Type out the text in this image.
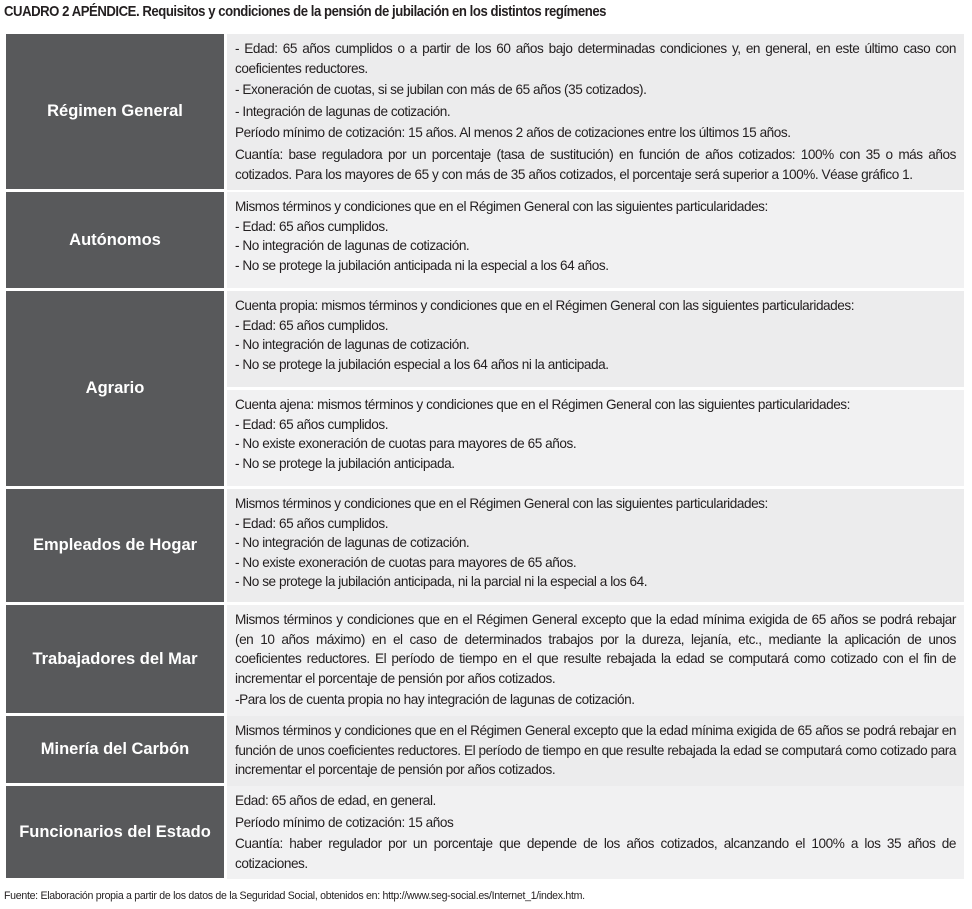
CUADRO 2 APÉNDICE. Requisitos y condiciones de la pensión de jubilación en los distintos regímenes
Régimen General
- Edad: 65 años cumplidos o a partir de los 60 años bajo determinadas condiciones y, en general, en este último caso con coeficientes reductores.
- Exoneración de cuotas, si se jubilan con más de 65 años (35 cotizados).
- Integración de lagunas de cotización.
Período mínimo de cotización: 15 años. Al menos 2 años de cotizaciones entre los últimos 15 años.
Cuantía: base reguladora por un porcentaje (tasa de sustitución) en función de años cotizados: 100% con 35 o más años cotizados. Para los mayores de 65 y con más de 35 años cotizados, el porcentaje será superior a 100%. Véase gráfico 1.
Autónomos
Mismos términos y condiciones que en el Régimen General con las siguientes particularidades:
- Edad: 65 años cumplidos.
- No integración de lagunas de cotización.
- No se protege la jubilación anticipada ni la especial a los 64 años.
Agrario
Cuenta propia: mismos términos y condiciones que en el Régimen General con las siguientes particularidades:
- Edad: 65 años cumplidos.
- No integración de lagunas de cotización.
- No se protege la jubilación especial a los 64 años ni la anticipada.
Cuenta ajena: mismos términos y condiciones que en el Régimen General con las siguientes particularidades:
- Edad: 65 años cumplidos.
- No existe exoneración de cuotas para mayores de 65 años.
- No se protege la jubilación anticipada.
Empleados de Hogar
Mismos términos y condiciones que en el Régimen General con las siguientes particularidades:
- Edad: 65 años cumplidos.
- No integración de lagunas de cotización.
- No existe exoneración de cuotas para mayores de 65 años.
- No se protege la jubilación anticipada, ni la parcial ni la especial a los 64.
Trabajadores del Mar
Mismos términos y condiciones que en el Régimen General excepto que la edad mínima exigida de 65 años se podrá rebajar (en 10 años máximo) en el caso de determinados trabajos por la dureza, lejanía, etc., mediante la aplicación de unos coeficientes reductores. El período de tiempo en el que resulte rebajada la edad se computará como cotizado con el fin de incrementar el porcentaje de pensión por años cotizados.
-Para los de cuenta propia no hay integración de lagunas de cotización.
Minería del Carbón
Mismos términos y condiciones que en el Régimen General excepto que la edad mínima exigida de 65 años se podrá rebajar en función de unos coeficientes reductores. El período de tiempo en que resulte rebajada la edad se computará como cotizado para incrementar el porcentaje de pensión por años cotizados.
Funcionarios del Estado
Edad: 65 años de edad, en general.
Período mínimo de cotización: 15 años
Cuantía: haber regulador por un porcentaje que depende de los años cotizados, alcanzando el 100% a los 35 años de cotizaciones.
Fuente: Elaboración propia a partir de los datos de la Seguridad Social, obtenidos en: http://www.seg-social.es/Internet_1/index.htm.
